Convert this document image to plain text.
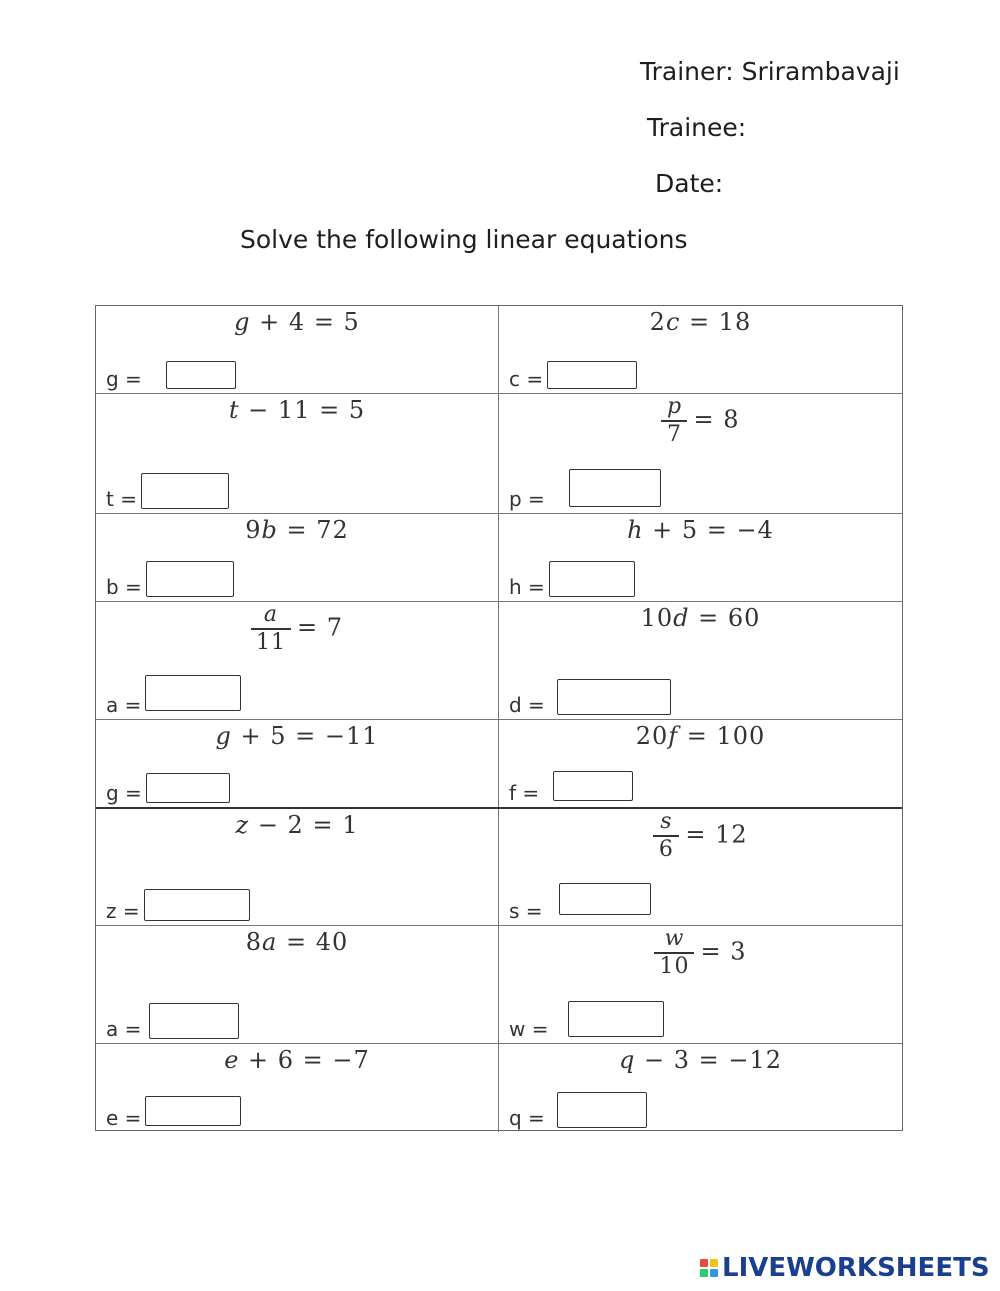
Trainer: Srirambavaji
Trainee:
Date:
Solve the following linear equations
g + 4 = 5
g =
2c = 18
c =
t − 11 = 5
t =
$\frac{p}{7} = 8$
p =
9b = 72
b =
h + 5 = −4
h =
$\frac{a}{11} = 7$
a =
10d = 60
d =
g + 5 = −11
g =
20f = 100
f =
z − 2 = 1
z =
$\frac{s}{6} = 12$
s =
8a = 40
a =
$\frac{w}{10} = 3$
w =
e + 6 = −7
e =
q − 3 = −12
q =
LIVEWORKSHEETS
